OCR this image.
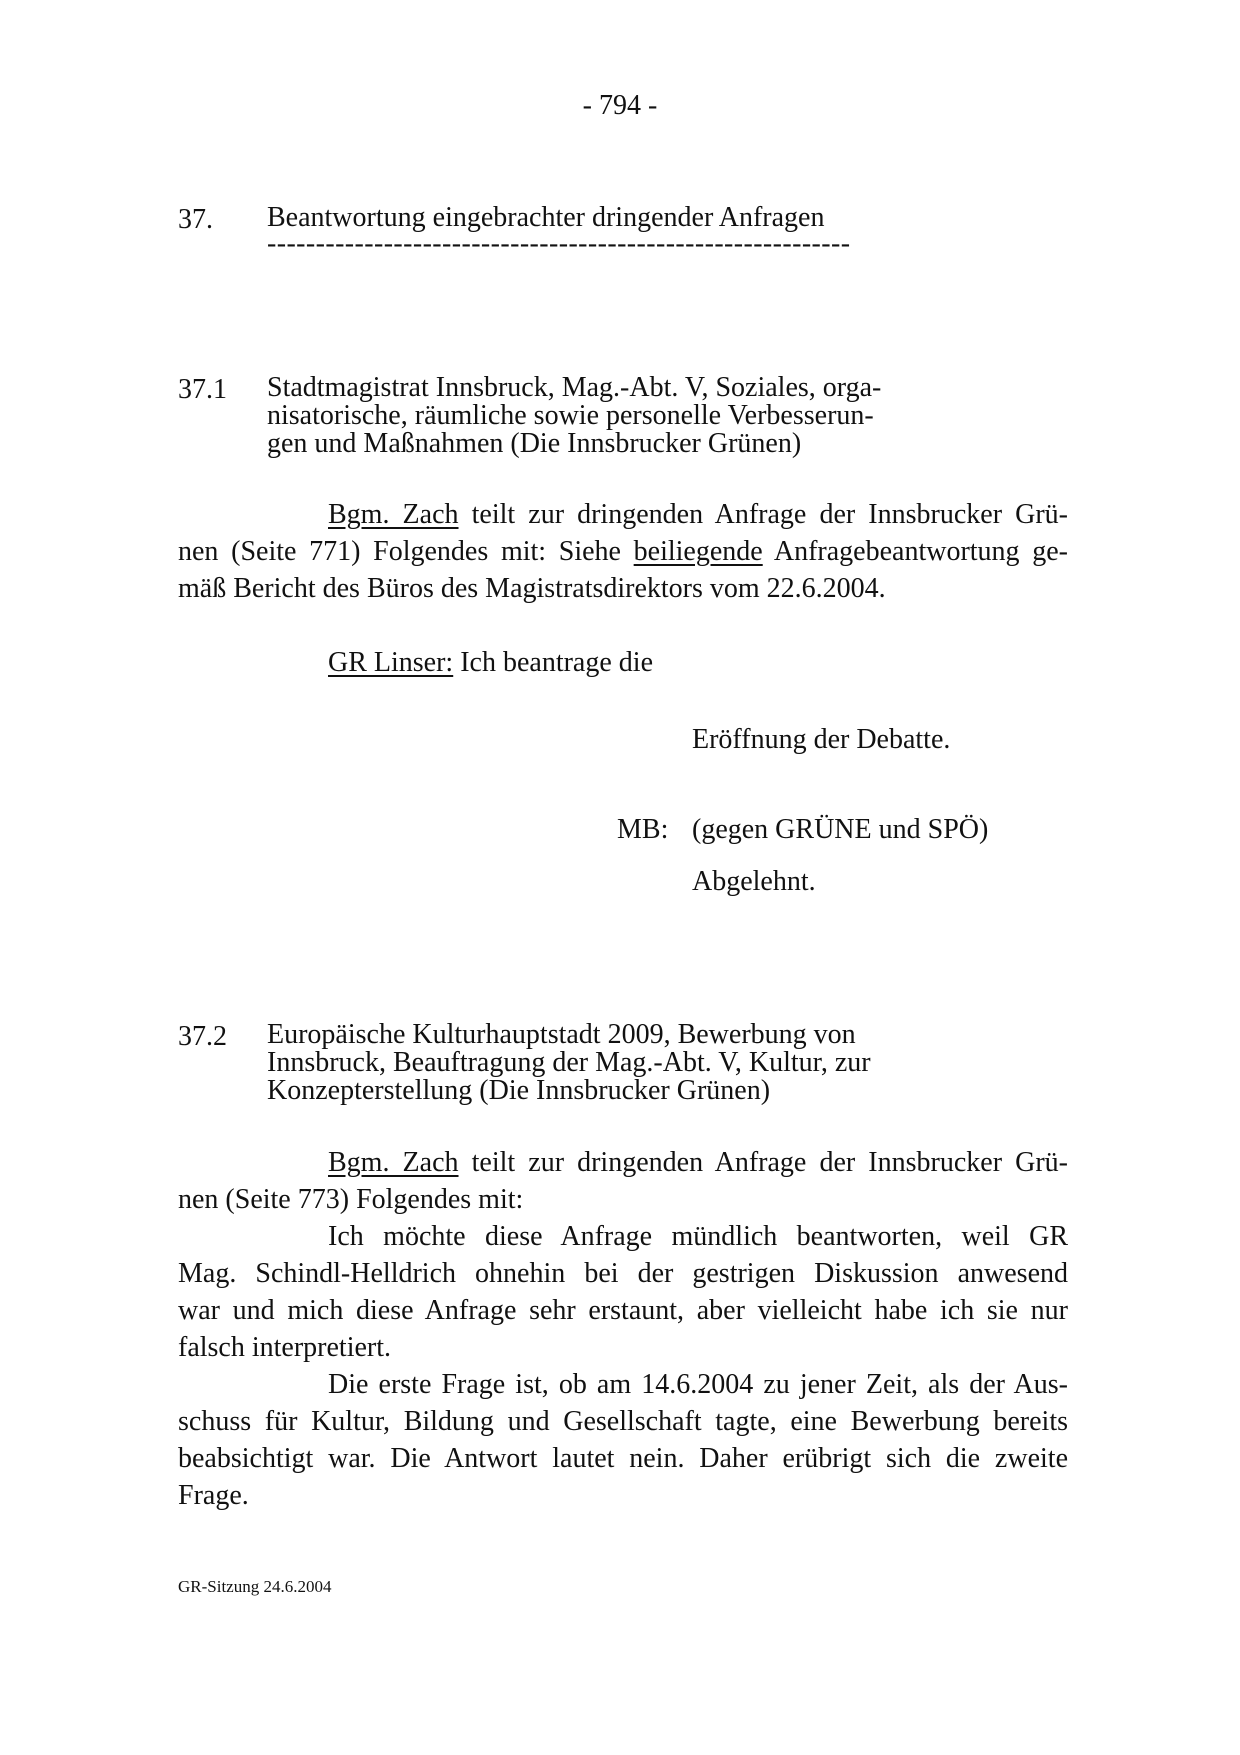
- 794 -
37. Beantwortung eingebrachter dringender Anfragen
------------------------------------------------------------
37.1 Stadtmagistrat Innsbruck, Mag.-Abt. V, Soziales, orga-
nisatorische, räumliche sowie personelle Verbesserun-
gen und Maßnahmen (Die Innsbrucker Grünen)
Bgm. Zach teilt zur dringenden Anfrage der Innsbrucker Grü-
nen (Seite 771) Folgendes mit: Siehe beiliegende Anfragebeantwortung ge-
mäß Bericht des Büros des Magistratsdirektors vom 22.6.2004.
GR Linser: Ich beantrage die
Eröffnung der Debatte.
MB: (gegen GRÜNE und SPÖ)
Abgelehnt.
37.2 Europäische Kulturhauptstadt 2009, Bewerbung von
Innsbruck, Beauftragung der Mag.-Abt. V, Kultur, zur
Konzepterstellung (Die Innsbrucker Grünen)
Bgm. Zach teilt zur dringenden Anfrage der Innsbrucker Grü-
nen (Seite 773) Folgendes mit:
Ich möchte diese Anfrage mündlich beantworten, weil GR
Mag. Schindl-Helldrich ohnehin bei der gestrigen Diskussion anwesend
war und mich diese Anfrage sehr erstaunt, aber vielleicht habe ich sie nur
falsch interpretiert.
Die erste Frage ist, ob am 14.6.2004 zu jener Zeit, als der Aus-
schuss für Kultur, Bildung und Gesellschaft tagte, eine Bewerbung bereits
beabsichtigt war. Die Antwort lautet nein. Daher erübrigt sich die zweite
Frage.
GR-Sitzung 24.6.2004
